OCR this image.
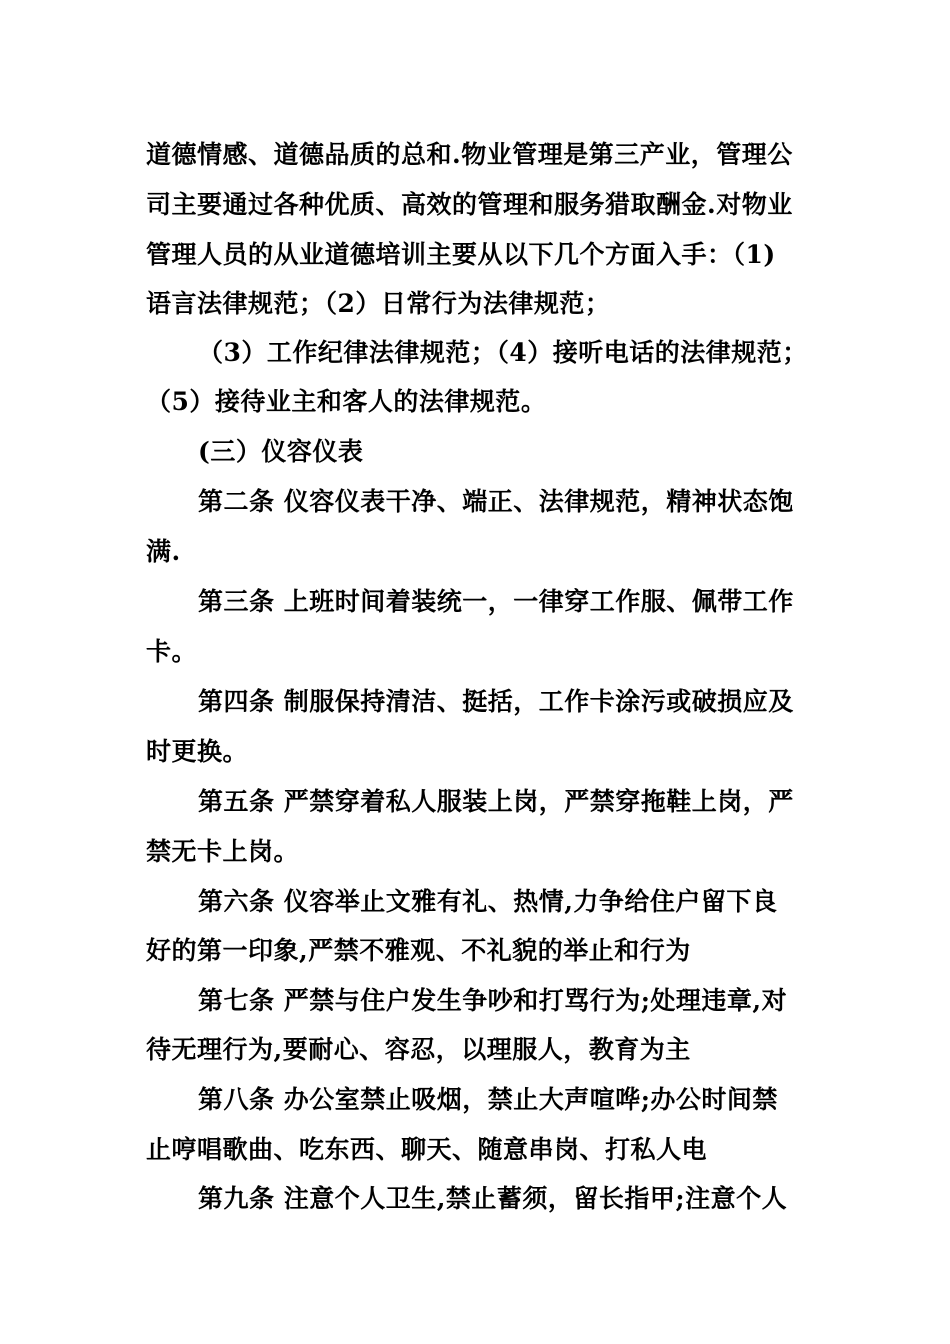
道德情感、道德品质的总和.物业管理是第三产业，管理公
司主要通过各种优质、高效的管理和服务猎取酬金.对物业
管理人员的从业道德培训主要从以下几个方面入手：（1)
语言法律规范；（2）日常行为法律规范；
（3）工作纪律法律规范；（4）接听电话的法律规范；
（5）接待业主和客人的法律规范。
(三）仪容仪表
第二条 仪容仪表干净、端正、法律规范，精神状态饱
满.
第三条 上班时间着装统一，一律穿工作服、佩带工作
卡。
第四条 制服保持清洁、挺括，工作卡涂污或破损应及
时更换。
第五条 严禁穿着私人服装上岗，严禁穿拖鞋上岗，严
禁无卡上岗。
第六条 仪容举止文雅有礼、热情,力争给住户留下良
好的第一印象,严禁不雅观、不礼貌的举止和行为
第七条 严禁与住户发生争吵和打骂行为;处理违章,对
待无理行为,要耐心、容忍，以理服人，教育为主
第八条 办公室禁止吸烟，禁止大声喧哗;办公时间禁
止哼唱歌曲、吃东西、聊天、随意串岗、打私人电
第九条 注意个人卫生,禁止蓄须，留长指甲;注意个人
